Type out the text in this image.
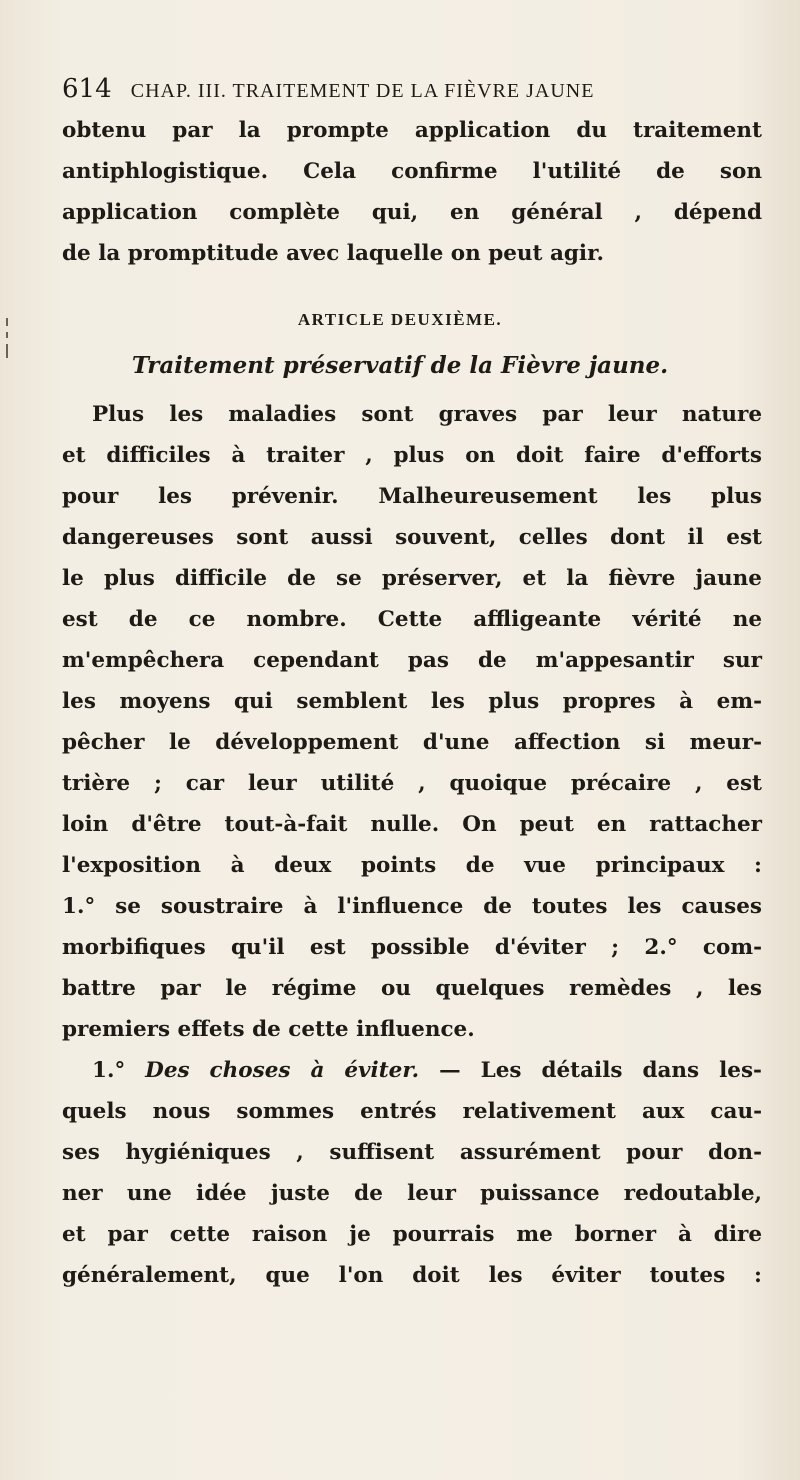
614 CHAP. III. TRAITEMENT DE LA FIÈVRE JAUNE
obtenu par la prompte application du traitement
antiphlogistique. Cela confirme l'utilité de son
application complète qui, en général , dépend
de la promptitude avec laquelle on peut agir.
ARTICLE DEUXIÈME.
Traitement préservatif de la Fièvre jaune.
Plus les maladies sont graves par leur nature
et difficiles à traiter , plus on doit faire d'efforts
pour les prévenir. Malheureusement les plus
dangereuses sont aussi souvent, celles dont il est
le plus difficile de se préserver, et la fièvre jaune
est de ce nombre. Cette affligeante vérité ne
m'empêchera cependant pas de m'appesantir sur
les moyens qui semblent les plus propres à em-
pêcher le développement d'une affection si meur-
trière ; car leur utilité , quoique précaire , est
loin d'être tout-à-fait nulle. On peut en rattacher
l'exposition à deux points de vue principaux :
1.° se soustraire à l'influence de toutes les causes
morbifiques qu'il est possible d'éviter ; 2.° com-
battre par le régime ou quelques remèdes , les
premiers effets de cette influence.
1.° Des choses à éviter. — Les détails dans les-
quels nous sommes entrés relativement aux cau-
ses hygiéniques , suffisent assurément pour don-
ner une idée juste de leur puissance redoutable,
et par cette raison je pourrais me borner à dire
généralement, que l'on doit les éviter toutes :
